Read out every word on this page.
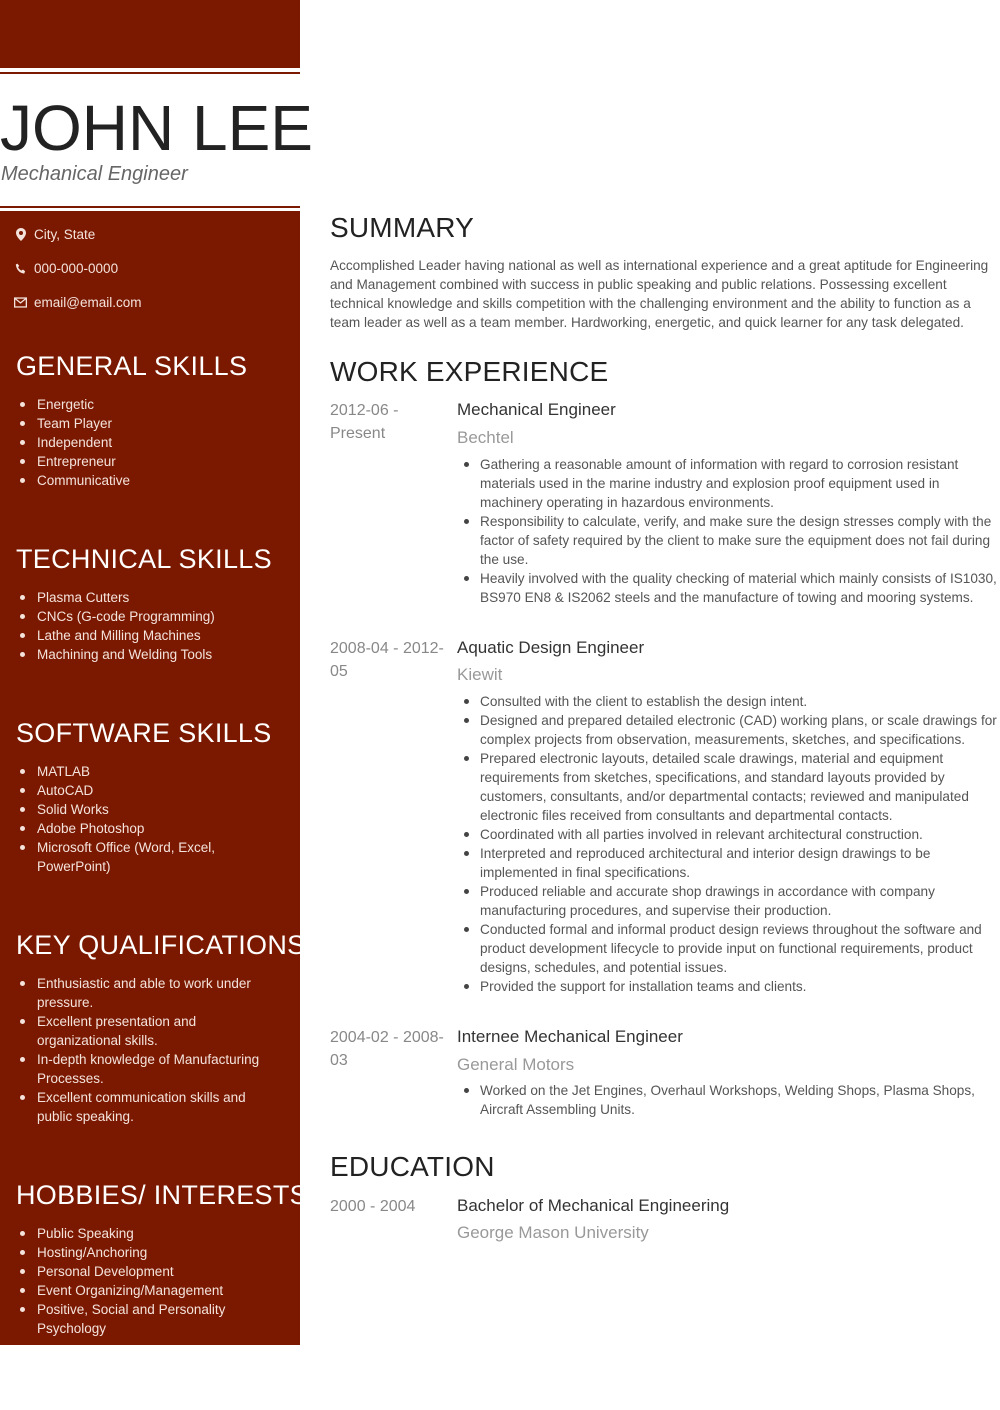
JOHN LEE
Mechanical Engineer
City, State
000-000-0000
email@email.com
GENERAL SKILLS
Energetic
Team Player
Independent
Entrepreneur
Communicative
TECHNICAL SKILLS
Plasma Cutters
CNCs (G-code Programming)
Lathe and Milling Machines
Machining and Welding Tools
SOFTWARE SKILLS
MATLAB
AutoCAD
Solid Works
Adobe Photoshop
Microsoft Office (Word, Excel, PowerPoint)
KEY QUALIFICATIONS
Enthusiastic and able to work under pressure.
Excellent presentation and organizational skills.
In-depth knowledge of Manufacturing Processes.
Excellent communication skills and public speaking.
HOBBIES/ INTERESTS
Public Speaking
Hosting/Anchoring
Personal Development
Event Organizing/Management
Positive, Social and Personality Psychology
SUMMARY

Accomplished Leader having national as well as international experience and a great aptitude for Engineering and Management combined with success in public speaking and public relations. Possessing excellent technical knowledge and skills competition with the challenging environment and the ability to function as a team leader as well as a team member. Hardworking, energetic, and quick learner for any task delegated.

WORK EXPERIENCE
2012-06 - Present
Mechanical Engineer
Bechtel
Gathering a reasonable amount of information with regard to corrosion resistant materials used in the marine industry and explosion proof equipment used in machinery operating in hazardous environments.
Responsibility to calculate, verify, and make sure the design stresses comply with the factor of safety required by the client to make sure the equipment does not fail during the use.
Heavily involved with the quality checking of material which mainly consists of IS1030, BS970 EN8 & IS2062 steels and the manufacture of towing and mooring systems.
2008-04 - 2012-05
Aquatic Design Engineer
Kiewit
Consulted with the client to establish the design intent.
Designed and prepared detailed electronic (CAD) working plans, or scale drawings for complex projects from observation, measurements, sketches, and specifications.
Prepared electronic layouts, detailed scale drawings, material and equipment requirements from sketches, specifications, and standard layouts provided by customers, consultants, and/or departmental contacts; reviewed and manipulated electronic files received from consultants and departmental contacts.
Coordinated with all parties involved in relevant architectural construction.
Interpreted and reproduced architectural and interior design drawings to be implemented in final specifications.
Produced reliable and accurate shop drawings in accordance with company manufacturing procedures, and supervise their production.
Conducted formal and informal product design reviews throughout the software and product development lifecycle to provide input on functional requirements, product designs, schedules, and potential issues.
Provided the support for installation teams and clients.
2004-02 - 2008-03
Internee Mechanical Engineer
General Motors
Worked on the Jet Engines, Overhaul Workshops, Welding Shops, Plasma Shops, Aircraft Assembling Units.
EDUCATION
2000 - 2004	Bachelor of Mechanical Engineering
George Mason University
